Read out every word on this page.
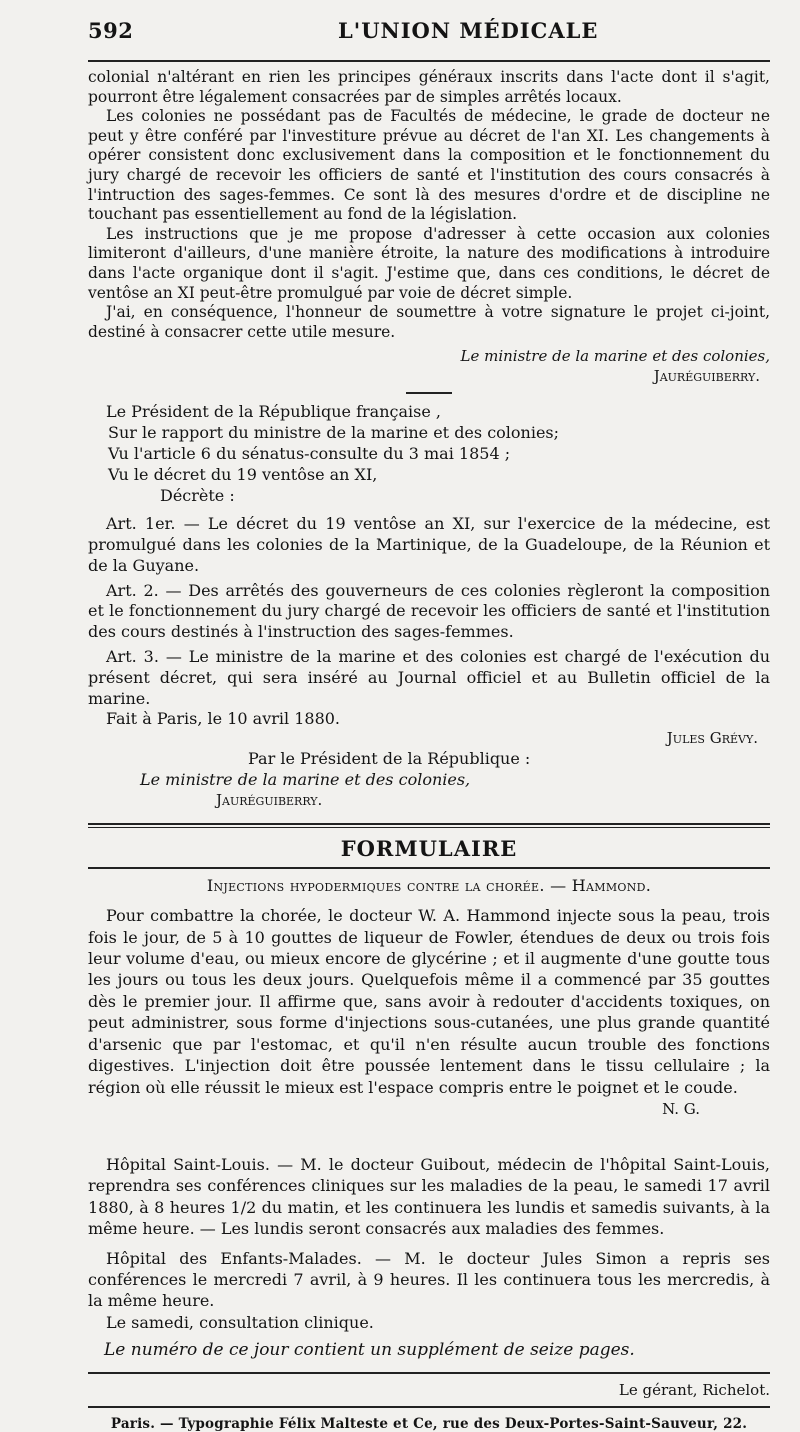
592	L'UNION MÉDICALE

colonial n'altérant en rien les principes généraux inscrits dans l'acte dont il s'agit, pourront être légalement consacrées par de simples arrêtés locaux.

Les colonies ne possédant pas de Facultés de médecine, le grade de docteur ne peut y être conféré par l'investiture prévue au décret de l'an XI. Les changements à opérer consistent donc exclusivement dans la composition et le fonctionnement du jury chargé de recevoir les officiers de santé et l'institution des cours consacrés à l'intruction des sages-femmes. Ce sont là des mesures d'ordre et de discipline ne touchant pas essentiellement au fond de la législation.

Les instructions que je me propose d'adresser à cette occasion aux colonies limiteront d'ailleurs, d'une manière étroite, la nature des modifications à introduire dans l'acte organique dont il s'agit. J'estime que, dans ces conditions, le décret de ventôse an XI peut-être promulgué par voie de décret simple.

J'ai, en conséquence, l'honneur de soumettre à votre signature le projet ci-joint, destiné à consacrer cette utile mesure.

Le ministre de la marine et des colonies,
Jauréguiberry.

Le Président de la République française ,

Sur le rapport du ministre de la marine et des colonies;

Vu l'article 6 du sénatus-consulte du 3 mai 1854 ;

Vu le décret du 19 ventôse an XI,

Décrète :

Art. 1er. — Le décret du 19 ventôse an XI, sur l'exercice de la médecine, est promulgué dans les colonies de la Martinique, de la Guadeloupe, de la Réunion et de la Guyane.

Art. 2. — Des arrêtés des gouverneurs de ces colonies règleront la composition et le fonctionnement du jury chargé de recevoir les officiers de santé et l'institution des cours destinés à l'instruction des sages-femmes.

Art. 3. — Le ministre de la marine et des colonies est chargé de l'exécution du présent décret, qui sera inséré au Journal officiel et au Bulletin officiel de la marine.

Fait à Paris, le 10 avril 1880.

Jules Grévy.
Par le Président de la République :
Le ministre de la marine et des colonies,
Jauréguiberry.
FORMULAIRE
Injections hypodermiques contre la chorée. — Hammond.

Pour combattre la chorée, le docteur W. A. Hammond injecte sous la peau, trois fois le jour, de 5 à 10 gouttes de liqueur de Fowler, étendues de deux ou trois fois leur volume d'eau, ou mieux encore de glycérine ; et il augmente d'une goutte tous les jours ou tous les deux jours. Quelquefois même il a commencé par 35 gouttes dès le premier jour. Il affirme que, sans avoir à redouter d'accidents toxiques, on peut administrer, sous forme d'injections sous-cutanées, une plus grande quantité d'arsenic que par l'estomac, et qu'il n'en résulte aucun trouble des fonctions digestives. L'injection doit être poussée lentement dans le tissu cellulaire ; la région où elle réussit le mieux est l'espace compris entre le poignet et le coude.

N. G.

Hôpital Saint-Louis. — M. le docteur Guibout, médecin de l'hôpital Saint-Louis, reprendra ses conférences cliniques sur les maladies de la peau, le samedi 17 avril 1880, à 8 heures 1/2 du matin, et les continuera les lundis et samedis suivants, à la même heure. — Les lundis seront consacrés aux maladies des femmes.

Hôpital des Enfants-Malades. — M. le docteur Jules Simon a repris ses conférences le mercredi 7 avril, à 9 heures. Il les continuera tous les mercredis, à la même heure.

Le samedi, consultation clinique.

Le numéro de ce jour contient un supplément de seize pages.
Le gérant, Richelot.
Paris. — Typographie Félix Malteste et Ce, rue des Deux-Portes-Saint-Sauveur, 22.
